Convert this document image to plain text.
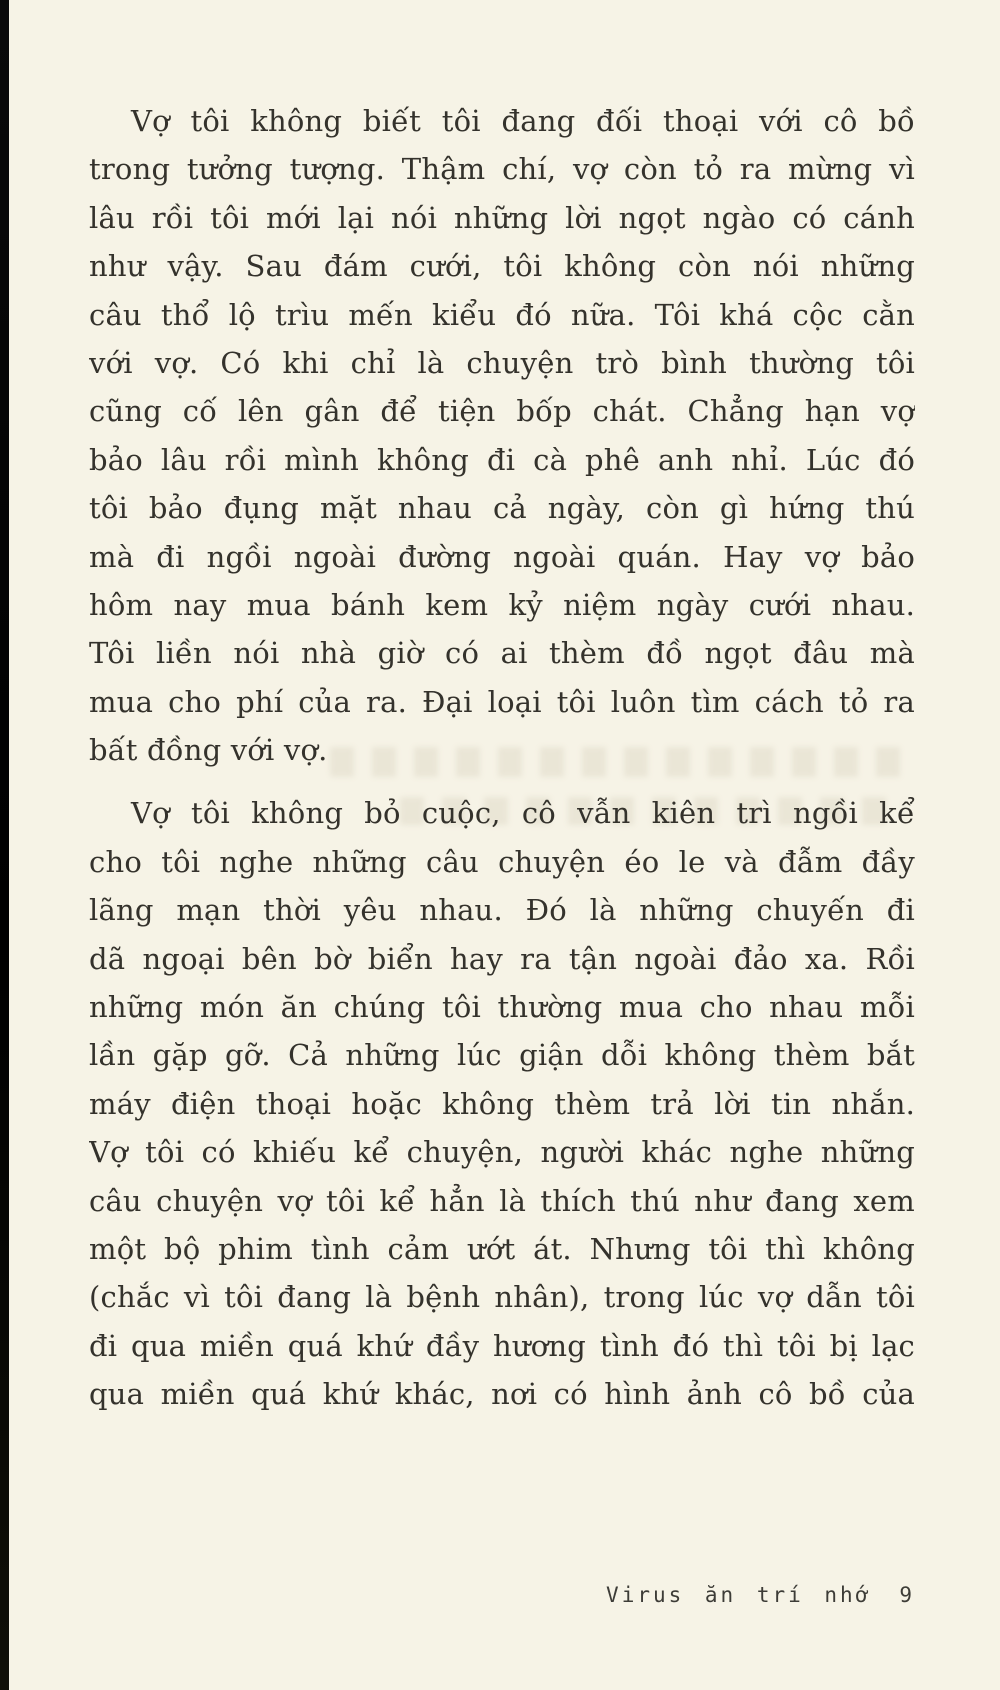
Vợ tôi không biết tôi đang đối thoại với cô bồ
trong tưởng tượng. Thậm chí, vợ còn tỏ ra mừng vì
lâu rồi tôi mới lại nói những lời ngọt ngào có cánh
như vậy. Sau đám cưới, tôi không còn nói những
câu thổ lộ trìu mến kiểu đó nữa. Tôi khá cộc cằn
với vợ. Có khi chỉ là chuyện trò bình thường tôi
cũng cố lên gân để tiện bốp chát. Chẳng hạn vợ
bảo lâu rồi mình không đi cà phê anh nhỉ. Lúc đó
tôi bảo đụng mặt nhau cả ngày, còn gì hứng thú
mà đi ngồi ngoài đường ngoài quán. Hay vợ bảo
hôm nay mua bánh kem kỷ niệm ngày cưới nhau.
Tôi liền nói nhà giờ có ai thèm đồ ngọt đâu mà
mua cho phí của ra. Đại loại tôi luôn tìm cách tỏ ra
bất đồng với vợ.
Vợ tôi không bỏ cuộc, cô vẫn kiên trì ngồi kể
cho tôi nghe những câu chuyện éo le và đẫm đầy
lãng mạn thời yêu nhau. Đó là những chuyến đi
dã ngoại bên bờ biển hay ra tận ngoài đảo xa. Rồi
những món ăn chúng tôi thường mua cho nhau mỗi
lần gặp gỡ. Cả những lúc giận dỗi không thèm bắt
máy điện thoại hoặc không thèm trả lời tin nhắn.
Vợ tôi có khiếu kể chuyện, người khác nghe những
câu chuyện vợ tôi kể hẳn là thích thú như đang xem
một bộ phim tình cảm ướt át. Nhưng tôi thì không
(chắc vì tôi đang là bệnh nhân), trong lúc vợ dẫn tôi
đi qua miền quá khứ đầy hương tình đó thì tôi bị lạc
qua miền quá khứ khác, nơi có hình ảnh cô bồ của
Virus ăn trí nhớ 9
